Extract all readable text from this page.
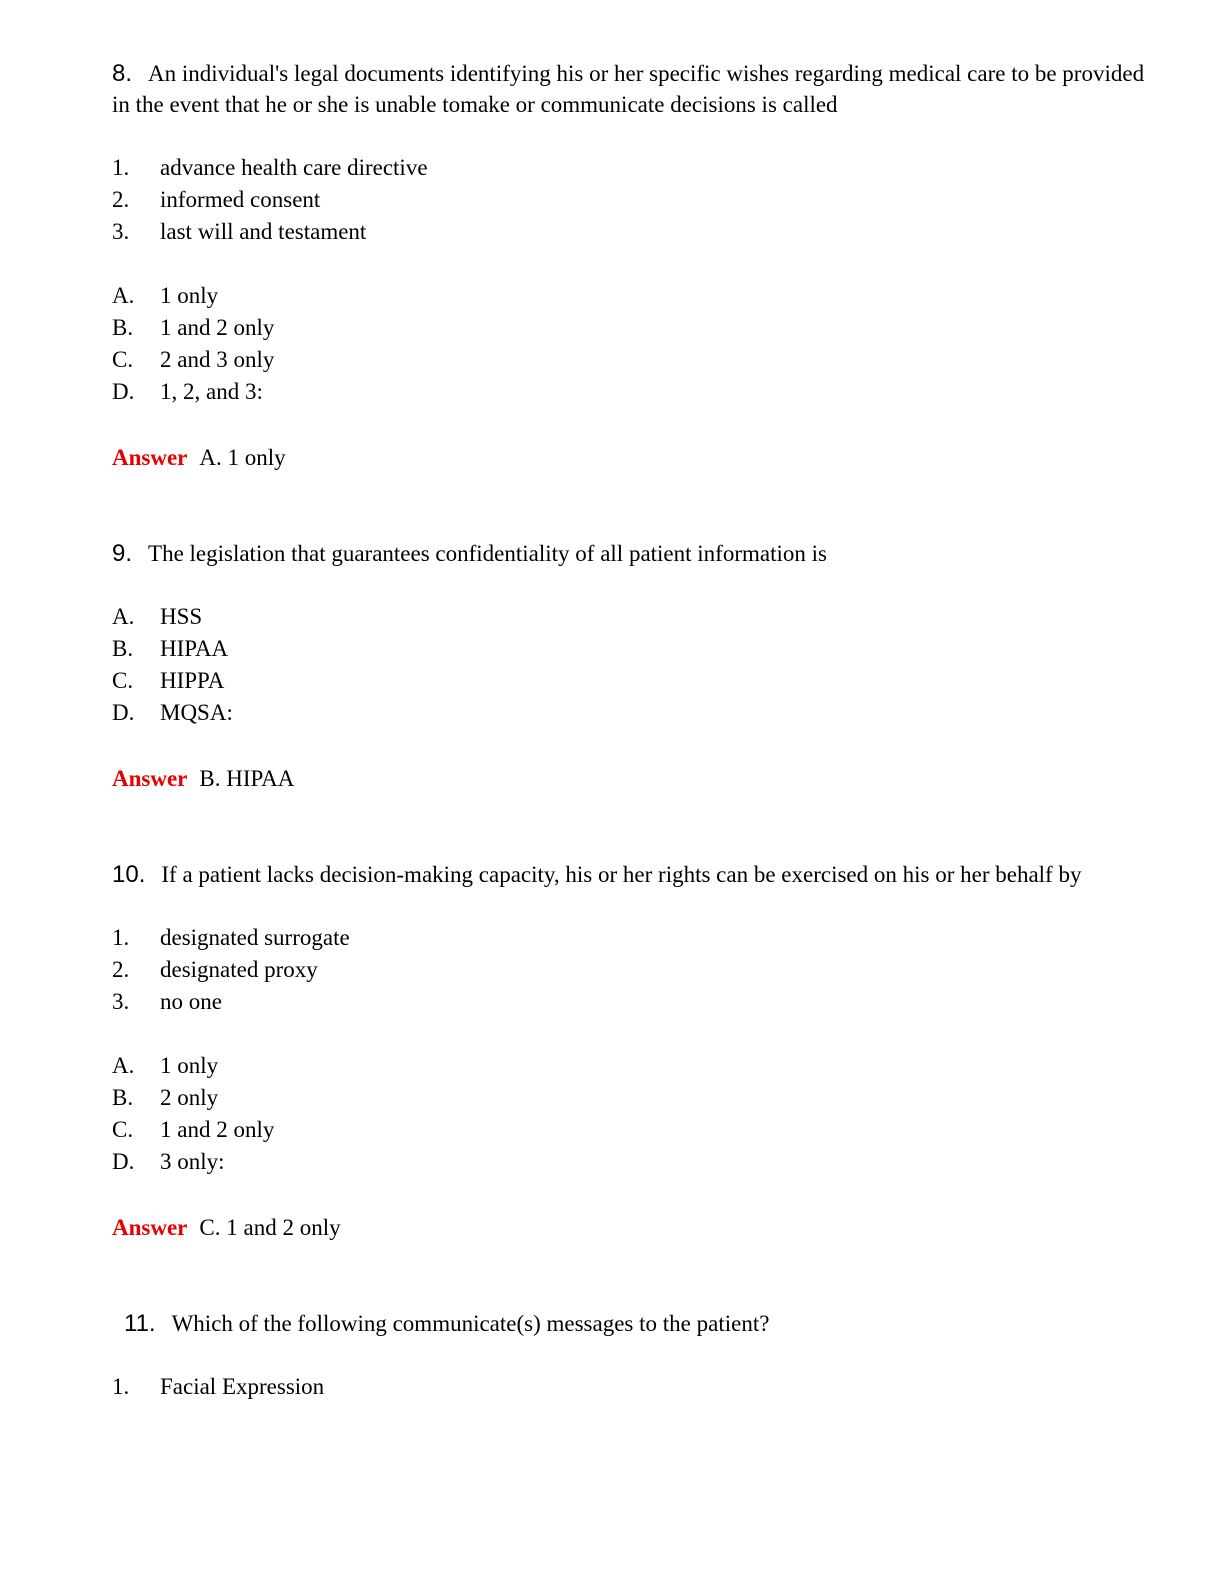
8. An individual's legal documents identifying his or her specific wishes regarding medical care to be provided in the event that he or she is unable tomake or communicate decisions is called

1.	advance health care directive
2.	informed consent
3.	last will and testament
A.	1 only
B.	1 and 2 only
C.	2 and 3 only
D.	1, 2, and 3:

Answer A. 1 only

9. The legislation that guarantees confidentiality of all patient information is

A.	HSS
B.	HIPAA
C.	HIPPA
D.	MQSA:

Answer B. HIPAA

10. If a patient lacks decision-making capacity, his or her rights can be exercised on his or her behalf by

1.	designated surrogate
2.	designated proxy
3.	no one
A.	1 only
B.	2 only
C.	1 and 2 only
D.	3 only:

Answer C. 1 and 2 only

11. Which of the following communicate(s) messages to the patient?

1.	Facial Expression
